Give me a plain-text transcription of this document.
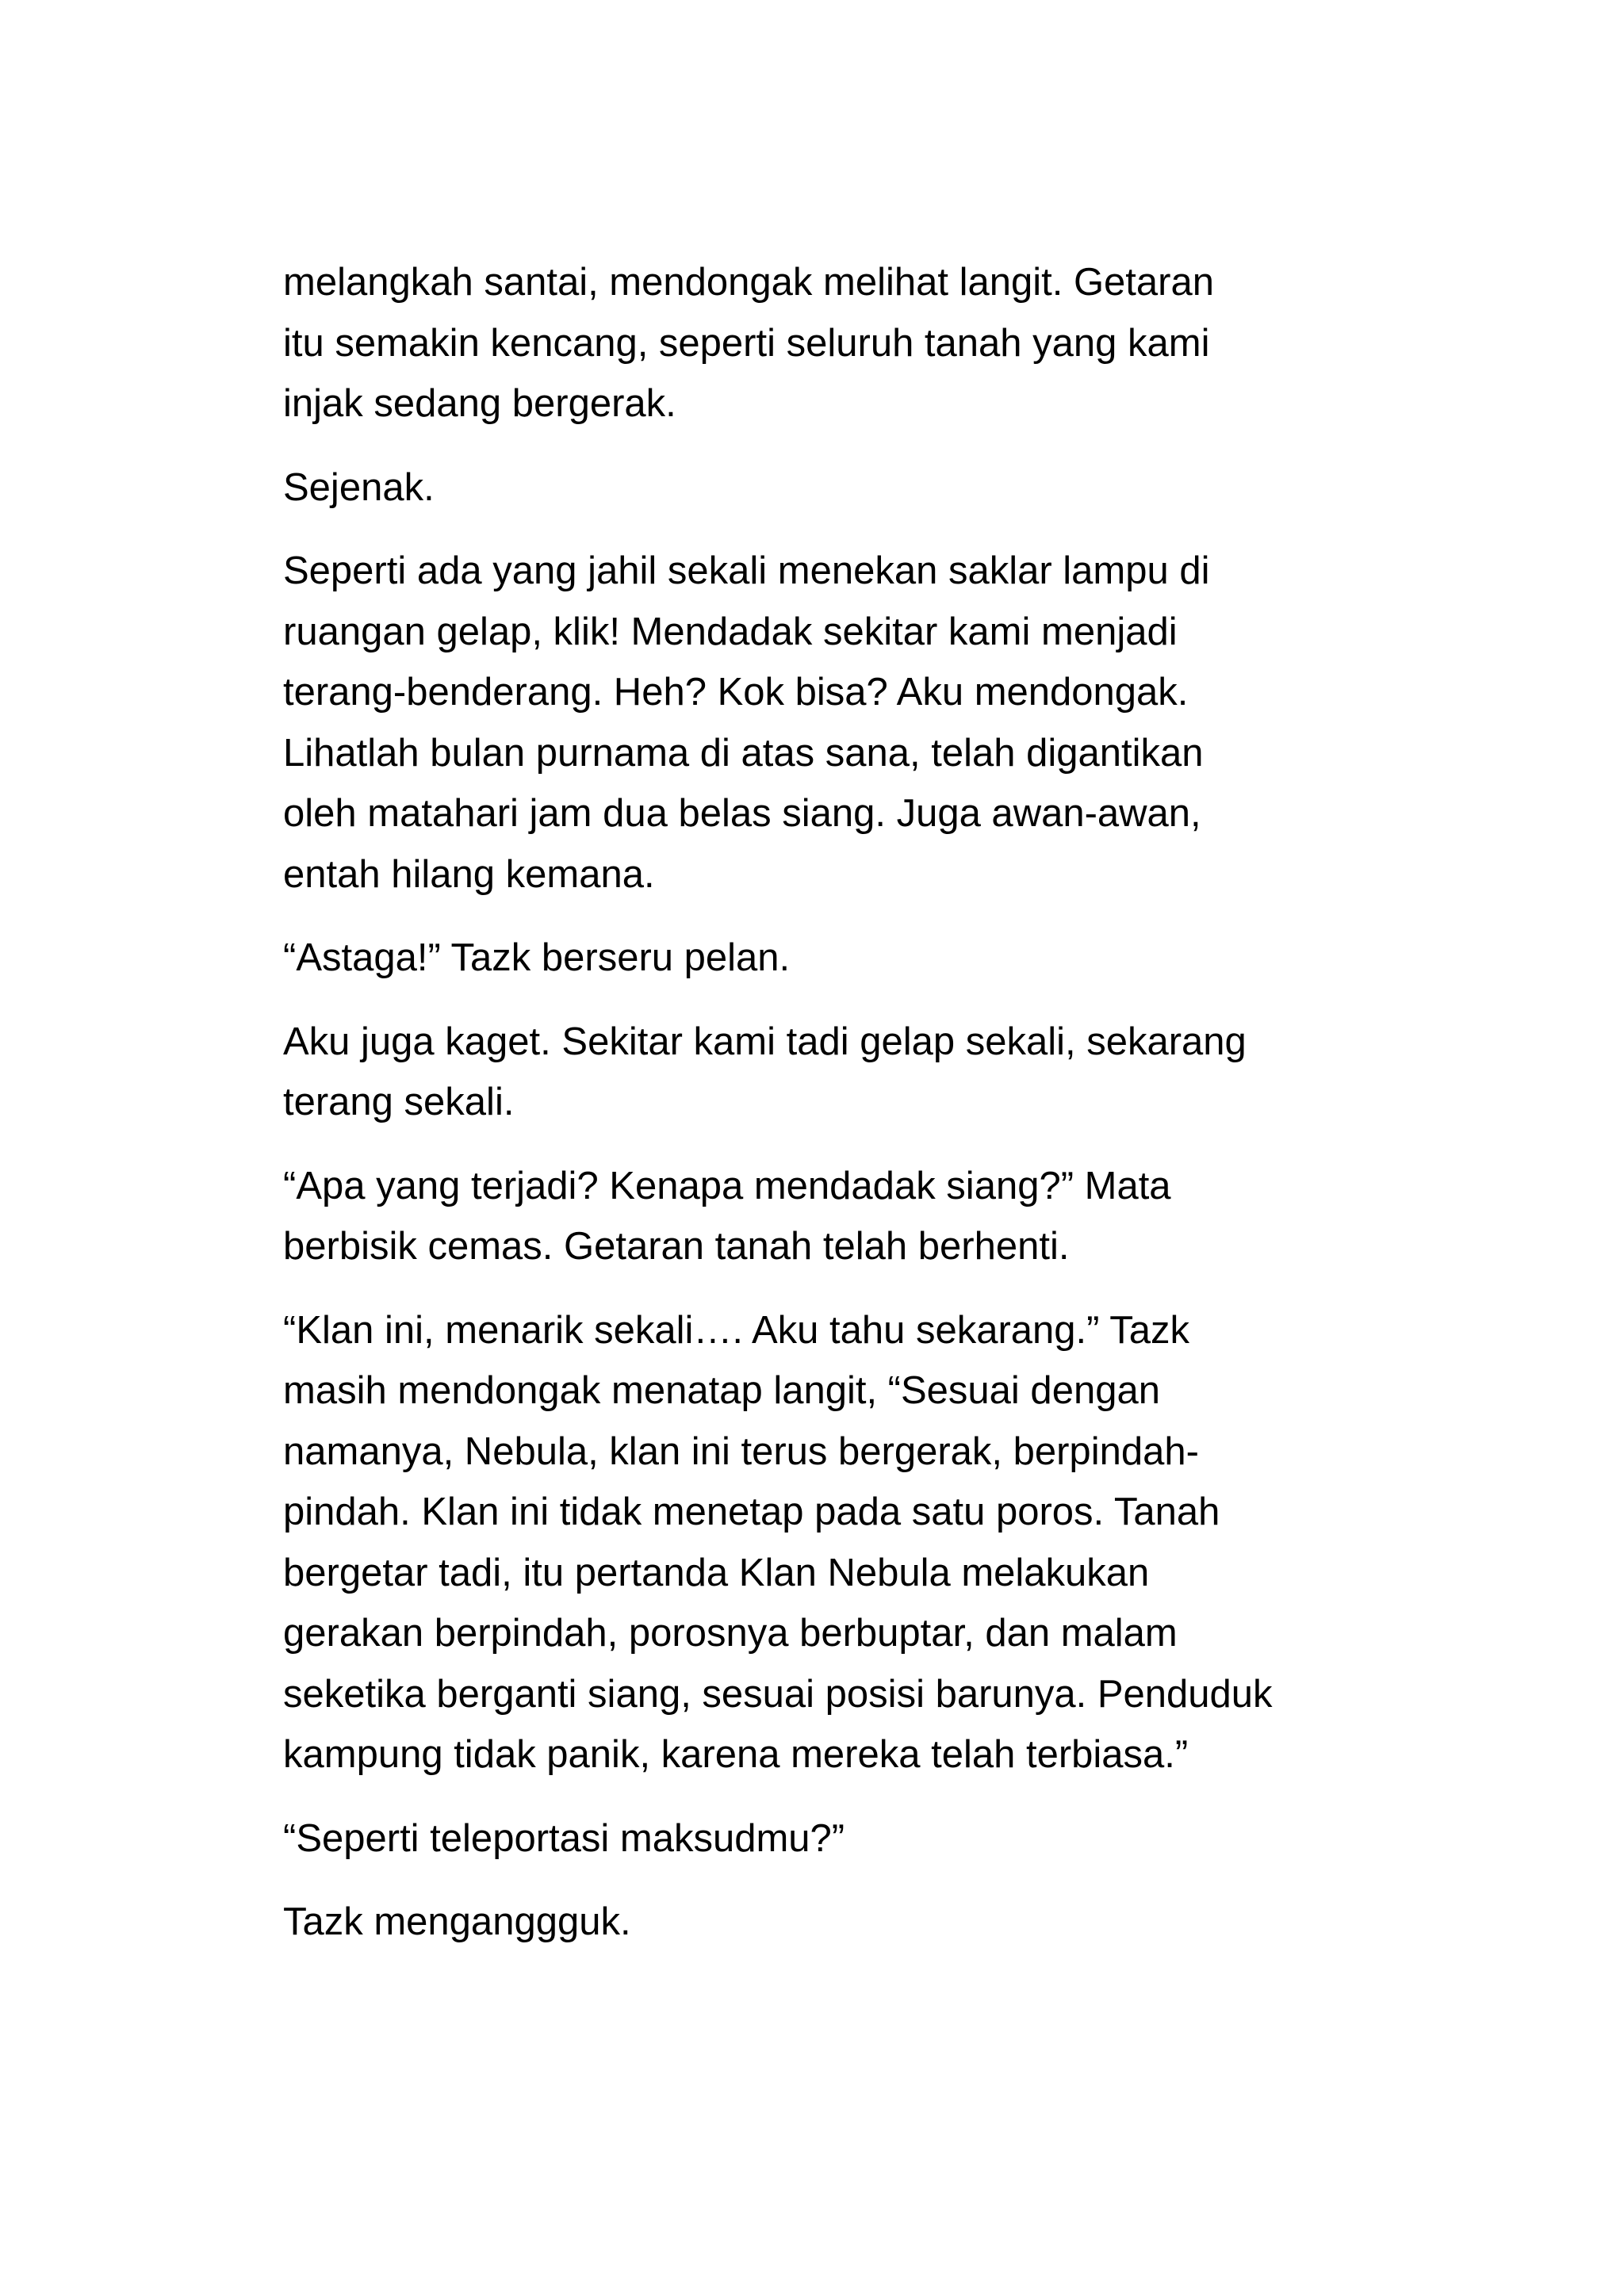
melangkah santai, mendongak melihat langit. Getaran
itu semakin kencang, seperti seluruh tanah yang kami
injak sedang bergerak.

Sejenak.

Seperti ada yang jahil sekali menekan saklar lampu di
ruangan gelap, klik! Mendadak sekitar kami menjadi
terang-benderang. Heh? Kok bisa? Aku mendongak.
Lihatlah bulan purnama di atas sana, telah digantikan
oleh matahari jam dua belas siang. Juga awan-awan,
entah hilang kemana.

“Astaga!” Tazk berseru pelan.

Aku juga kaget. Sekitar kami tadi gelap sekali, sekarang
terang sekali.

“Apa yang terjadi? Kenapa mendadak siang?” Mata
berbisik cemas. Getaran tanah telah berhenti.

“Klan ini, menarik sekali…. Aku tahu sekarang.” Tazk
masih mendongak menatap langit, “Sesuai dengan
namanya, Nebula, klan ini terus bergerak, berpindah-
pindah. Klan ini tidak menetap pada satu poros. Tanah
bergetar tadi, itu pertanda Klan Nebula melakukan
gerakan berpindah, porosnya berbuptar, dan malam
seketika berganti siang, sesuai posisi barunya. Penduduk
kampung tidak panik, karena mereka telah terbiasa.”

“Seperti teleportasi maksudmu?”

Tazk menganggguk.
